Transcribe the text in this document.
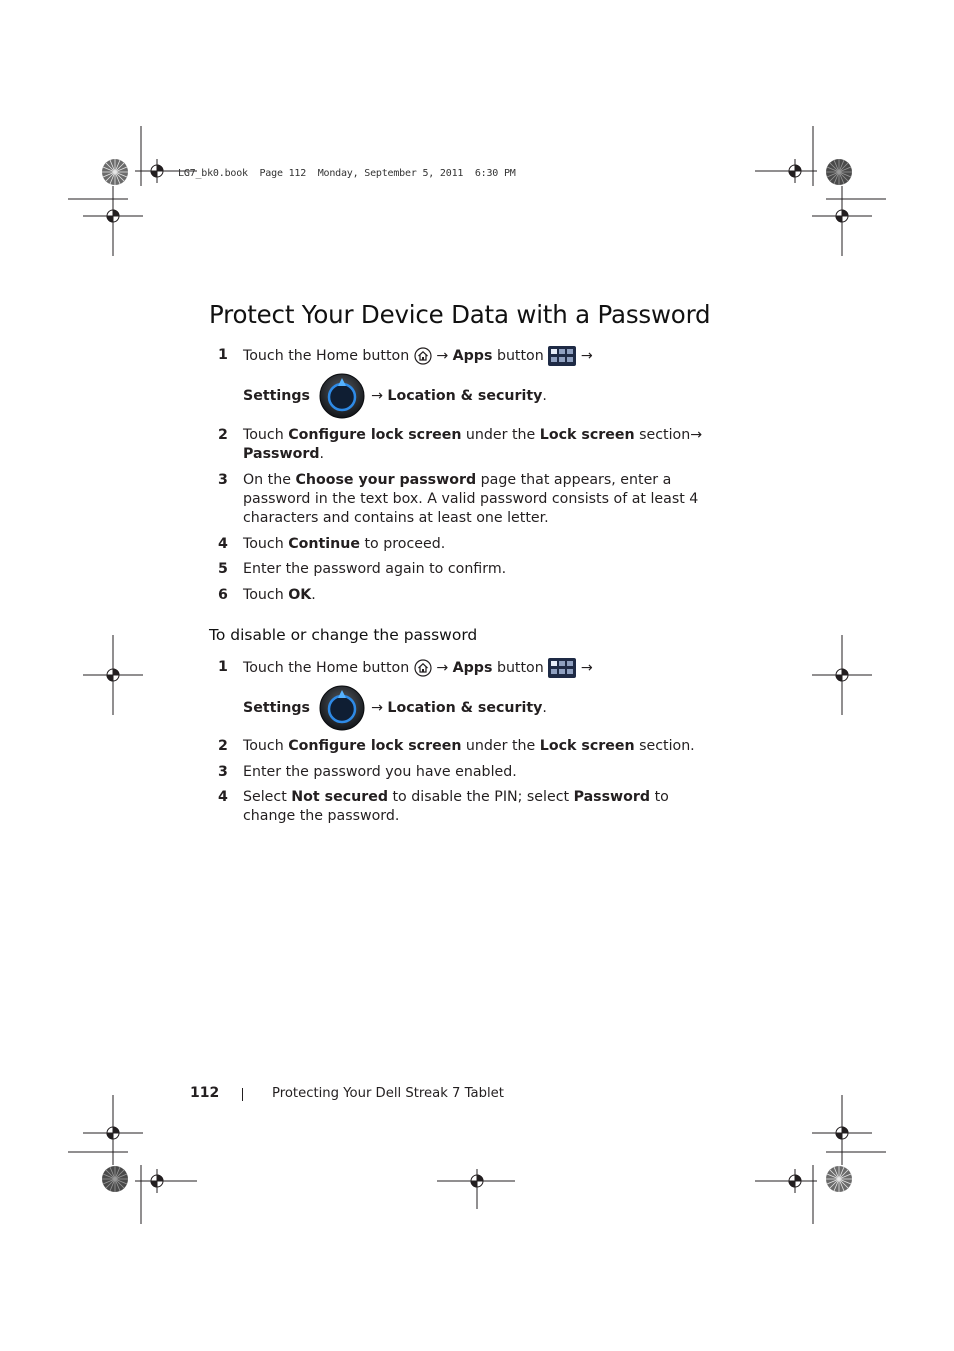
LG7_bk0.book  Page 112  Monday, September 5, 2011  6:30 PM
Protect Your Device Data with a Password
1	Touch the Home button → Apps button	→
Settings	→ Location & security.
2	Touch Configure lock screen under the Lock screen section→
Password.
3	On the Choose your password page that appears, enter a password in the text box. A valid password consists of at least 4 characters and contains at least one letter.
4	Touch Continue to proceed.
5	Enter the password again to confirm.
6	Touch OK.
To disable or change the password
1	Touch the Home button → Apps button	→
Settings	→ Location & security.
2	Touch Configure lock screen under the Lock screen section.
3	Enter the password you have enabled.
4	Select Not secured to disable the PIN; select Password to change the password.
112	Protecting Your Dell Streak 7 Tablet
